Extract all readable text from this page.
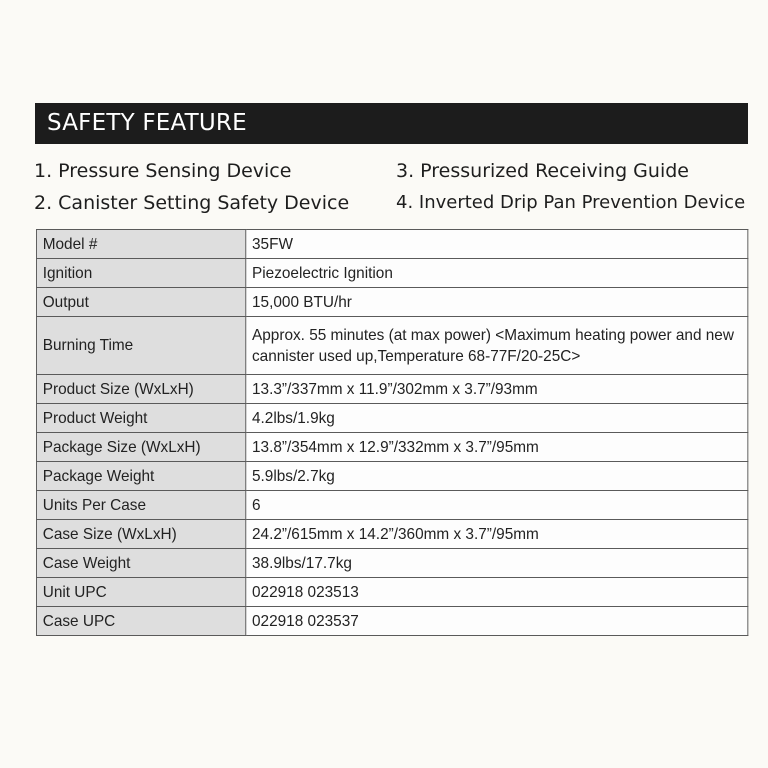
SAFETY FEATURE
1. Pressure Sensing Device
2. Canister Setting Safety Device
3. Pressurized Receiving Guide
4. Inverted Drip Pan Prevention Device
Model #	35FW
Ignition	Piezoelectric Ignition
Output	15,000 BTU/hr
Burning Time	Approx. 55 minutes (at max power) <Maximum heating power and new cannister used up,Temperature 68-77F/20-25C>
Product Size (WxLxH)	13.3”/337mm x 11.9”/302mm x 3.7”/93mm
Product Weight	4.2lbs/1.9kg
Package Size (WxLxH)	13.8”/354mm x 12.9”/332mm x 3.7”/95mm
Package Weight	5.9lbs/2.7kg
Units Per Case	6
Case Size (WxLxH)	24.2”/615mm x 14.2”/360mm x 3.7”/95mm
Case Weight	38.9lbs/17.7kg
Unit UPC	022918 023513
Case UPC	022918 023537
